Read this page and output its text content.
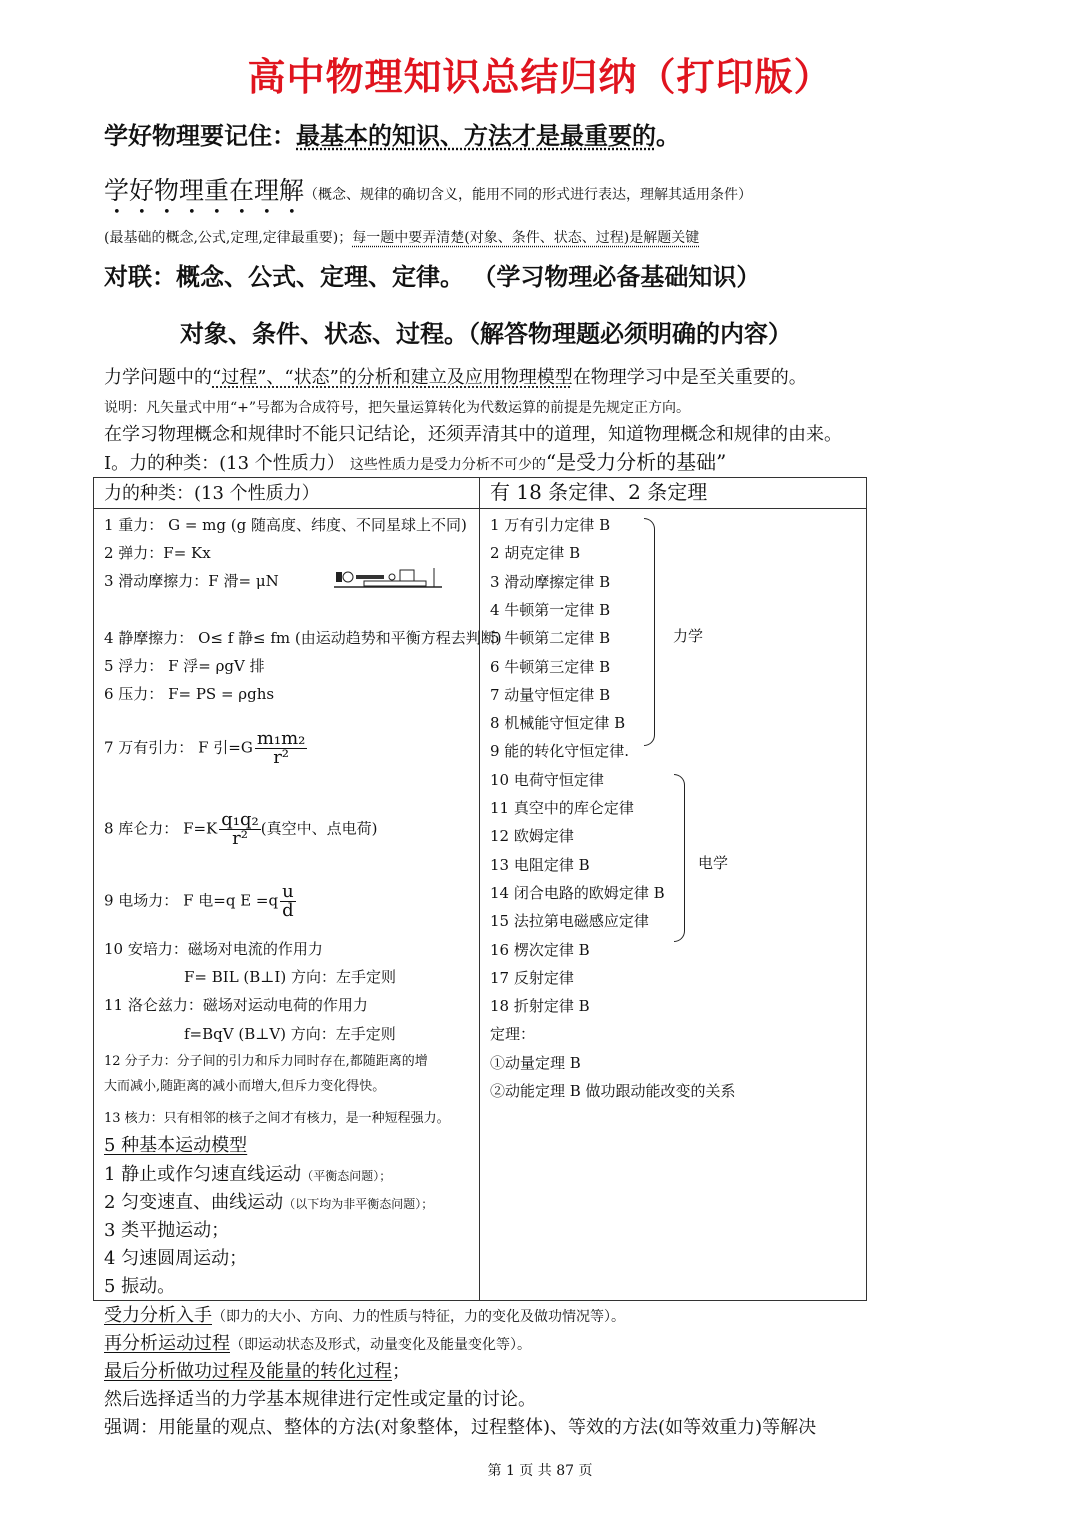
高中物理知识总结归纳（打印版）
学好物理要记住：最基本的知识、方法才是最重要的。
学好物理重在理解（概念、规律的确切含义，能用不同的形式进行表达，理解其适用条件）
(最基础的概念,公式,定理,定律最重要)；每一题中要弄清楚(对象、条件、状态、过程)是解题关键
对联：概念、公式、定理、定律。 （学习物理必备基础知识）
对象、条件、状态、过程。（解答物理题必须明确的内容）
力学问题中的“过程”、“状态”的分析和建立及应用物理模型在物理学习中是至关重要的。
说明：凡矢量式中用“+”号都为合成符号，把矢量运算转化为代数运算的前提是先规定正方向。
在学习物理概念和规律时不能只记结论，还须弄清其中的道理，知道物理概念和规律的由来。
Ⅰ。力的种类：(13 个性质力） 这些性质力是受力分析不可少的“是受力分析的基础”
力的种类：(13 个性质力）	有 18 条定律、2 条定理
1 重力： G = mg (g 随高度、纬度、不同星球上不同)
2 弹力：F= Kx
3 滑动摩擦力：F 滑= μN
4 静摩擦力： O≤ f 静≤ fm (由运动趋势和平衡方程去判断)
5 浮力： F 浮= ρgV 排
6 压力： F= PS = ρghs
7 万有引力： F 引$=G \frac{\text{m₁m₂}}{\text{r²}}$
8 库仑力： $F=K \frac{\text{q₁q₂}}{\text{r²}}$ (真空中、点电荷)
9 电场力： F 电=q $E =q \frac{u}{d}$
10 安培力：磁场对电流的作用力
F= BIL (B⊥I) 方向：左手定则
11 洛仑兹力：磁场对运动电荷的作用力
f=BqV (B⊥V) 方向：左手定则
12 分子力：分子间的引力和斥力同时存在,都随距离的增
大而减小,随距离的减小而增大,但斥力变化得快。
13 核力：只有相邻的核子之间才有核力，是一种短程强力。
5 种基本运动模型
1 静止或作匀速直线运动（平衡态问题）；
2 匀变速直、曲线运动（以下均为非平衡态问题）；
3 类平抛运动；
4 匀速圆周运动；
5 振动。
1 万有引力定律 B
2 胡克定律 B
3 滑动摩擦定律 B
4 牛顿第一定律 B
5 牛顿第二定律 B
6 牛顿第三定律 B
7 动量守恒定律 B
8 机械能守恒定律 B
9 能的转化守恒定律.
10 电荷守恒定律
11 真空中的库仑定律
12 欧姆定律
13 电阻定律 B
14 闭合电路的欧姆定律 B
15 法拉第电磁感应定律
16 楞次定律 B
17 反射定律
18 折射定律 B
定理：
①动量定理 B
②动能定理 B 做功跟动能改变的关系
力学
电学
受力分析入手（即力的大小、方向、力的性质与特征，力的变化及做功情况等）。
再分析运动过程（即运动状态及形式，动量变化及能量变化等）。
最后分析做功过程及能量的转化过程；
然后选择适当的力学基本规律进行定性或定量的讨论。
强调：用能量的观点、整体的方法(对象整体，过程整体)、等效的方法(如等效重力)等解决
第 1 页 共 87 页
